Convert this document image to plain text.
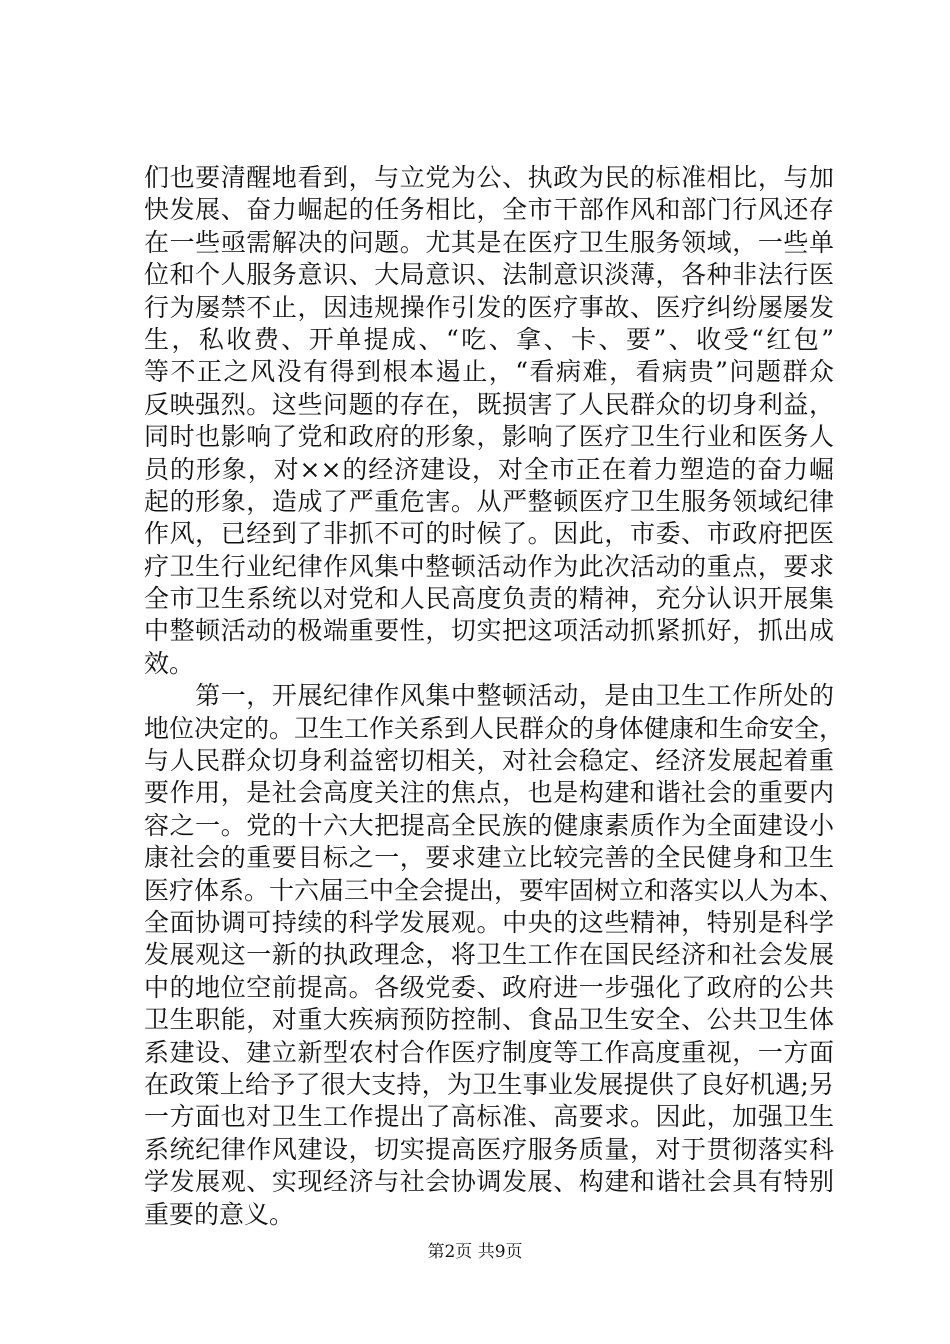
们也要清醒地看到，与立党为公、执政为民的标准相比，与加
快发展、奋力崛起的任务相比，全市干部作风和部门行风还存
在一些亟需解决的问题。尤其是在医疗卫生服务领域，一些单
位和个人服务意识、大局意识、法制意识淡薄，各种非法行医
行为屡禁不止，因违规操作引发的医疗事故、医疗纠纷屡屡发
生，私收费、开单提成、“吃、拿、卡、要”、收受“红包”
等不正之风没有得到根本遏止，“看病难，看病贵”问题群众
反映强烈。这些问题的存在，既损害了人民群众的切身利益，
同时也影响了党和政府的形象，影响了医疗卫生行业和医务人
员的形象，对××的经济建设，对全市正在着力塑造的奋力崛
起的形象，造成了严重危害。从严整顿医疗卫生服务领域纪律
作风，已经到了非抓不可的时候了。因此，市委、市政府把医
疗卫生行业纪律作风集中整顿活动作为此次活动的重点，要求
全市卫生系统以对党和人民高度负责的精神，充分认识开展集
中整顿活动的极端重要性，切实把这项活动抓紧抓好，抓出成
效。
　　第一，开展纪律作风集中整顿活动，是由卫生工作所处的
地位决定的。卫生工作关系到人民群众的身体健康和生命安全，
与人民群众切身利益密切相关，对社会稳定、经济发展起着重
要作用，是社会高度关注的焦点，也是构建和谐社会的重要内
容之一。党的十六大把提高全民族的健康素质作为全面建设小
康社会的重要目标之一，要求建立比较完善的全民健身和卫生
医疗体系。十六届三中全会提出，要牢固树立和落实以人为本、
全面协调可持续的科学发展观。中央的这些精神，特别是科学
发展观这一新的执政理念，将卫生工作在国民经济和社会发展
中的地位空前提高。各级党委、政府进一步强化了政府的公共
卫生职能，对重大疾病预防控制、食品卫生安全、公共卫生体
系建设、建立新型农村合作医疗制度等工作高度重视，一方面
在政策上给予了很大支持，为卫生事业发展提供了良好机遇;另
一方面也对卫生工作提出了高标准、高要求。因此，加强卫生
系统纪律作风建设，切实提高医疗服务质量，对于贯彻落实科
学发展观、实现经济与社会协调发展、构建和谐社会具有特别
重要的意义。
第2页 共9页
